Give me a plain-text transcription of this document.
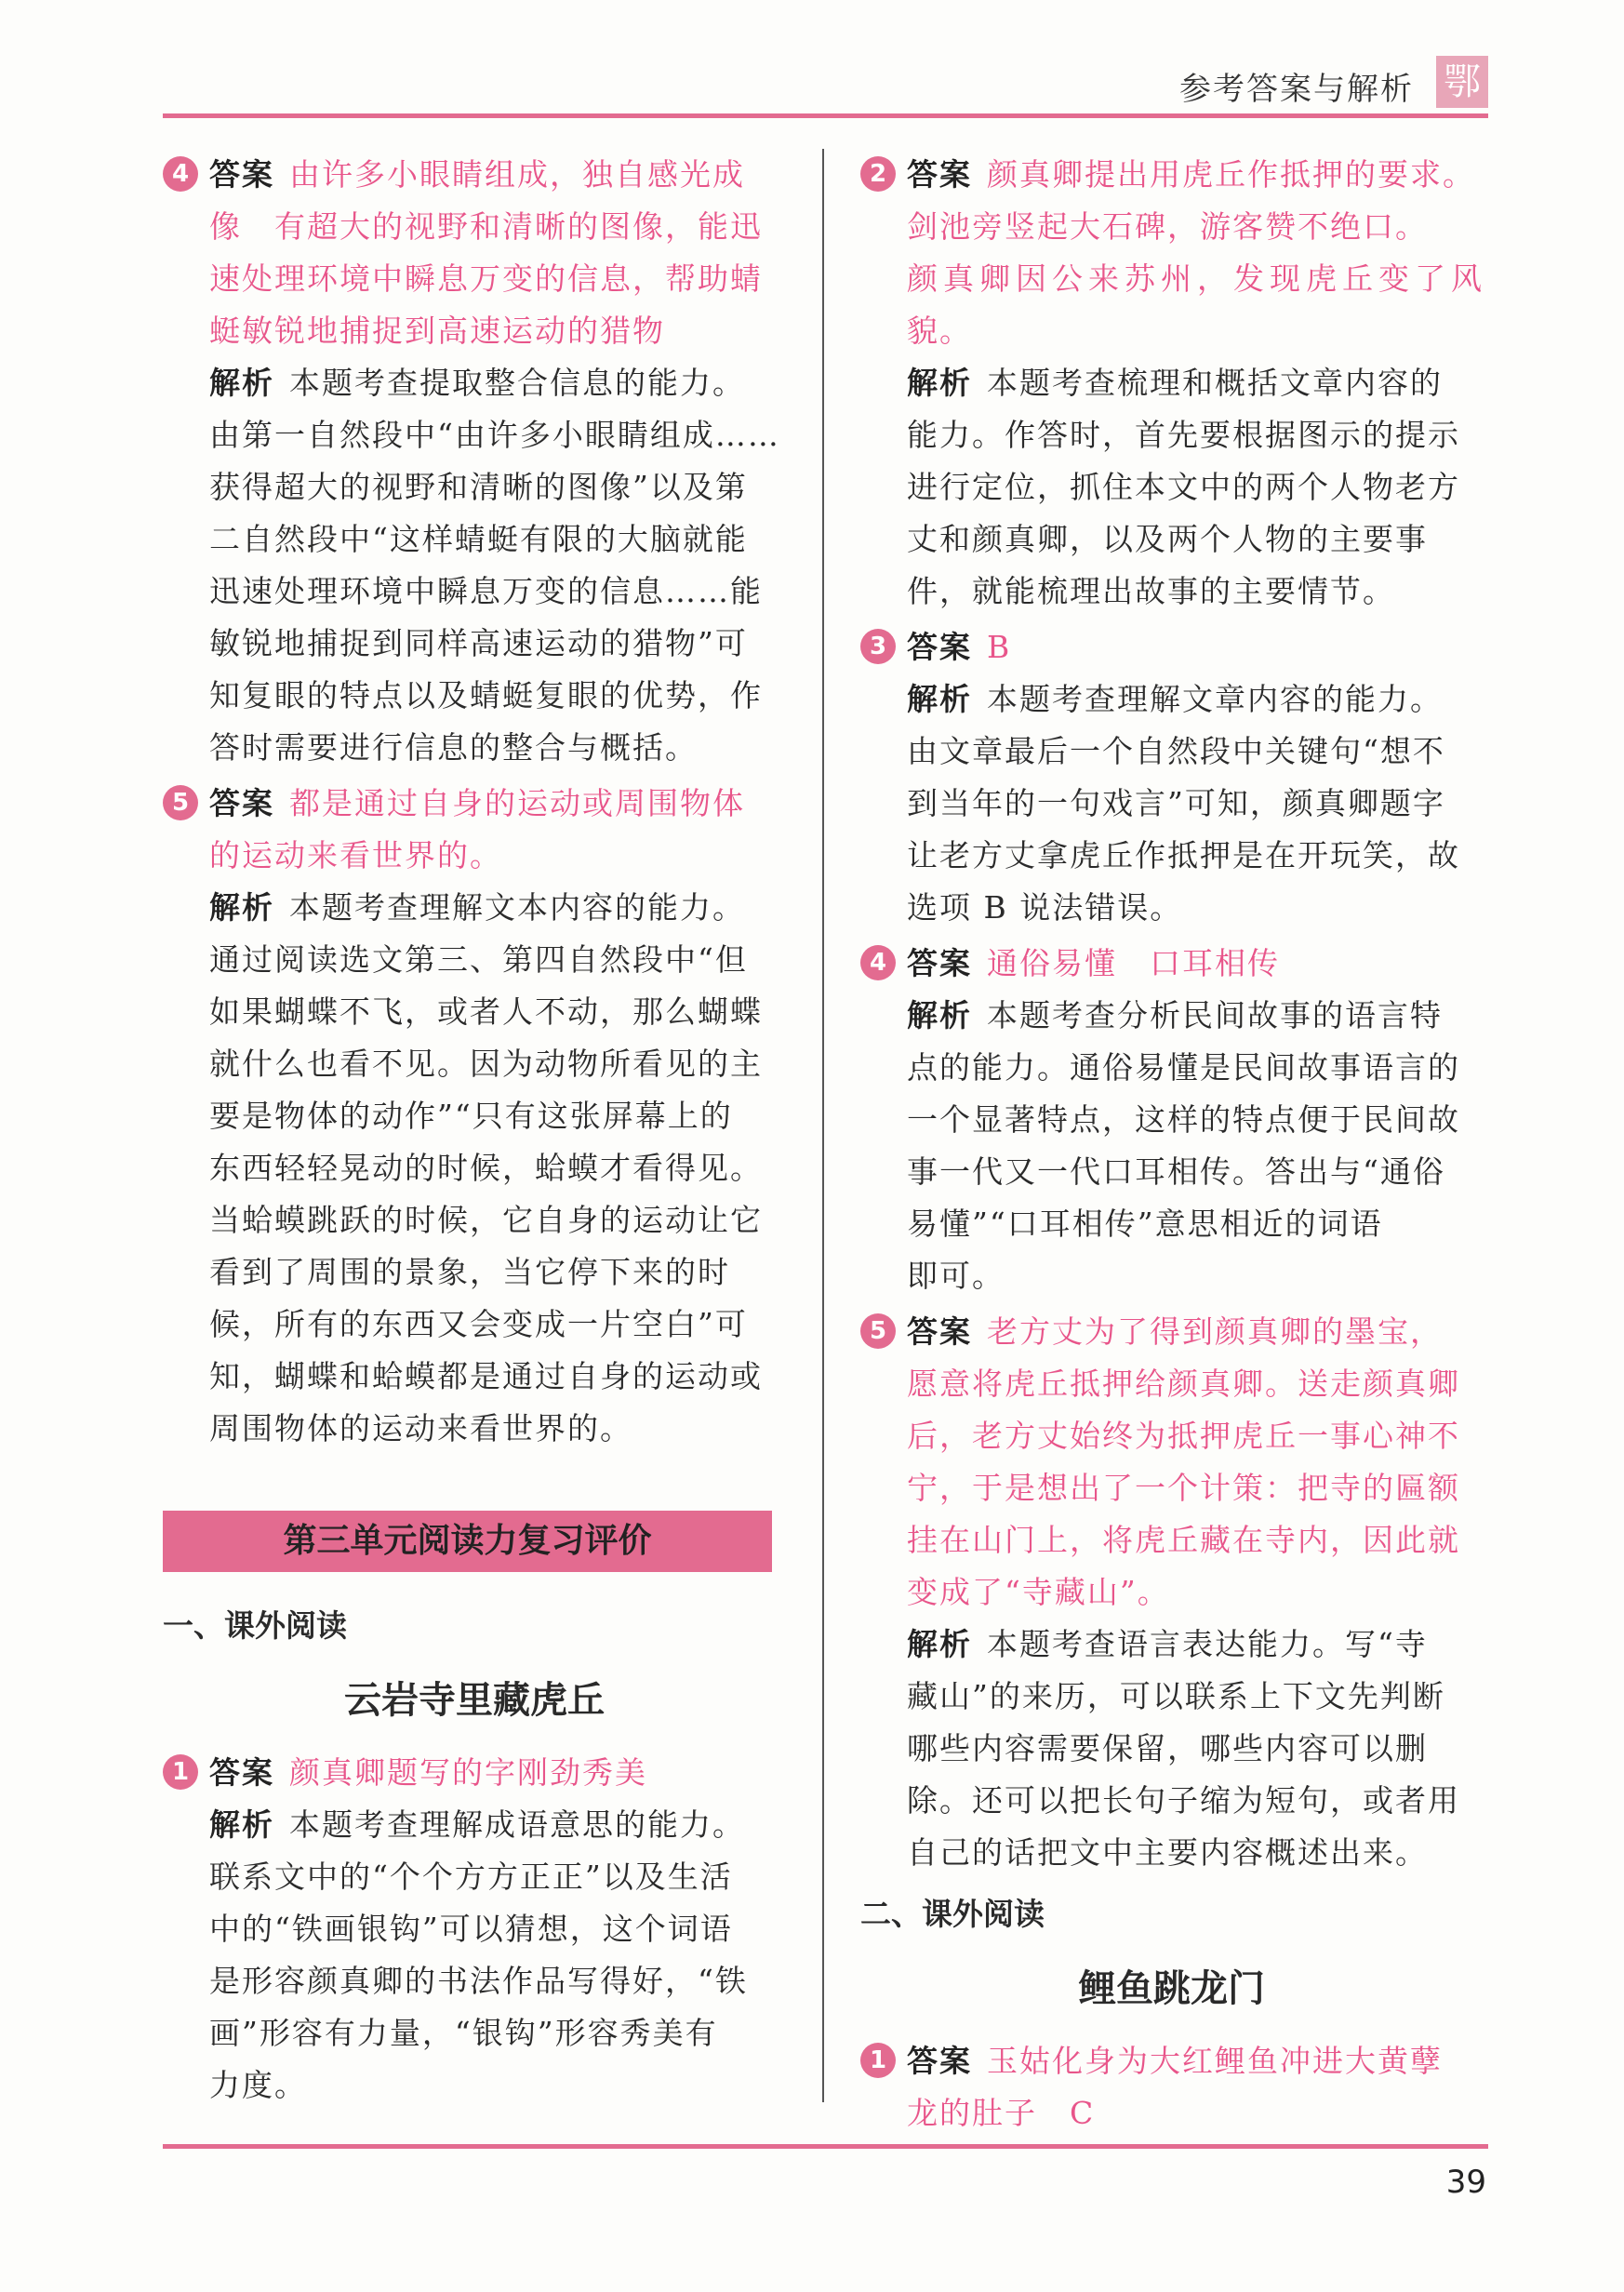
参考答案与解析 鄂
4 答案 由许多小眼睛组成，独自感光成
像　有超大的视野和清晰的图像，能迅
速处理环境中瞬息万变的信息，帮助蜻
蜓敏锐地捕捉到高速运动的猎物
解析 本题考查提取整合信息的能力。
由第一自然段中“由许多小眼睛组成……
获得超大的视野和清晰的图像”以及第
二自然段中“这样蜻蜓有限的大脑就能
迅速处理环境中瞬息万变的信息……能
敏锐地捕捉到同样高速运动的猎物”可
知复眼的特点以及蜻蜓复眼的优势，作
答时需要进行信息的整合与概括。
5 答案 都是通过自身的运动或周围物体
的运动来看世界的。
解析 本题考查理解文本内容的能力。
通过阅读选文第三、第四自然段中“但
如果蝴蝶不飞，或者人不动，那么蝴蝶
就什么也看不见。因为动物所看见的主
要是物体的动作”“只有这张屏幕上的
东西轻轻晃动的时候，蛤蟆才看得见。
当蛤蟆跳跃的时候，它自身的运动让它
看到了周围的景象，当它停下来的时
候，所有的东西又会变成一片空白”可
知，蝴蝶和蛤蟆都是通过自身的运动或
周围物体的运动来看世界的。
第三单元阅读力复习评价
一、课外阅读
云岩寺里藏虎丘
1 答案 颜真卿题写的字刚劲秀美
解析 本题考查理解成语意思的能力。
联系文中的“个个方方正正”以及生活
中的“铁画银钩”可以猜想，这个词语
是形容颜真卿的书法作品写得好，“铁
画”形容有力量，“银钩”形容秀美有
力度。
2 答案 颜真卿提出用虎丘作抵押的要求。
剑池旁竖起大石碑，游客赞不绝口。
颜真卿因公来苏州，发现虎丘变了风貌。
解析 本题考查梳理和概括文章内容的
能力。作答时，首先要根据图示的提示
进行定位，抓住本文中的两个人物老方
丈和颜真卿，以及两个人物的主要事
件，就能梳理出故事的主要情节。
3 答案 B
解析 本题考查理解文章内容的能力。
由文章最后一个自然段中关键句“想不
到当年的一句戏言”可知，颜真卿题字
让老方丈拿虎丘作抵押是在开玩笑，故
选项 B 说法错误。
4 答案 通俗易懂　口耳相传
解析 本题考查分析民间故事的语言特
点的能力。通俗易懂是民间故事语言的
一个显著特点，这样的特点便于民间故
事一代又一代口耳相传。答出与“通俗
易懂”“口耳相传”意思相近的词语
即可。
5 答案 老方丈为了得到颜真卿的墨宝，
愿意将虎丘抵押给颜真卿。送走颜真卿
后，老方丈始终为抵押虎丘一事心神不
宁，于是想出了一个计策：把寺的匾额
挂在山门上，将虎丘藏在寺内，因此就
变成了“寺藏山”。
解析 本题考查语言表达能力。写“寺
藏山”的来历，可以联系上下文先判断
哪些内容需要保留，哪些内容可以删
除。还可以把长句子缩为短句，或者用
自己的话把文中主要内容概述出来。
二、课外阅读
鲤鱼跳龙门
1 答案 玉姑化身为大红鲤鱼冲进大黄孽
龙的肚子　C
39
